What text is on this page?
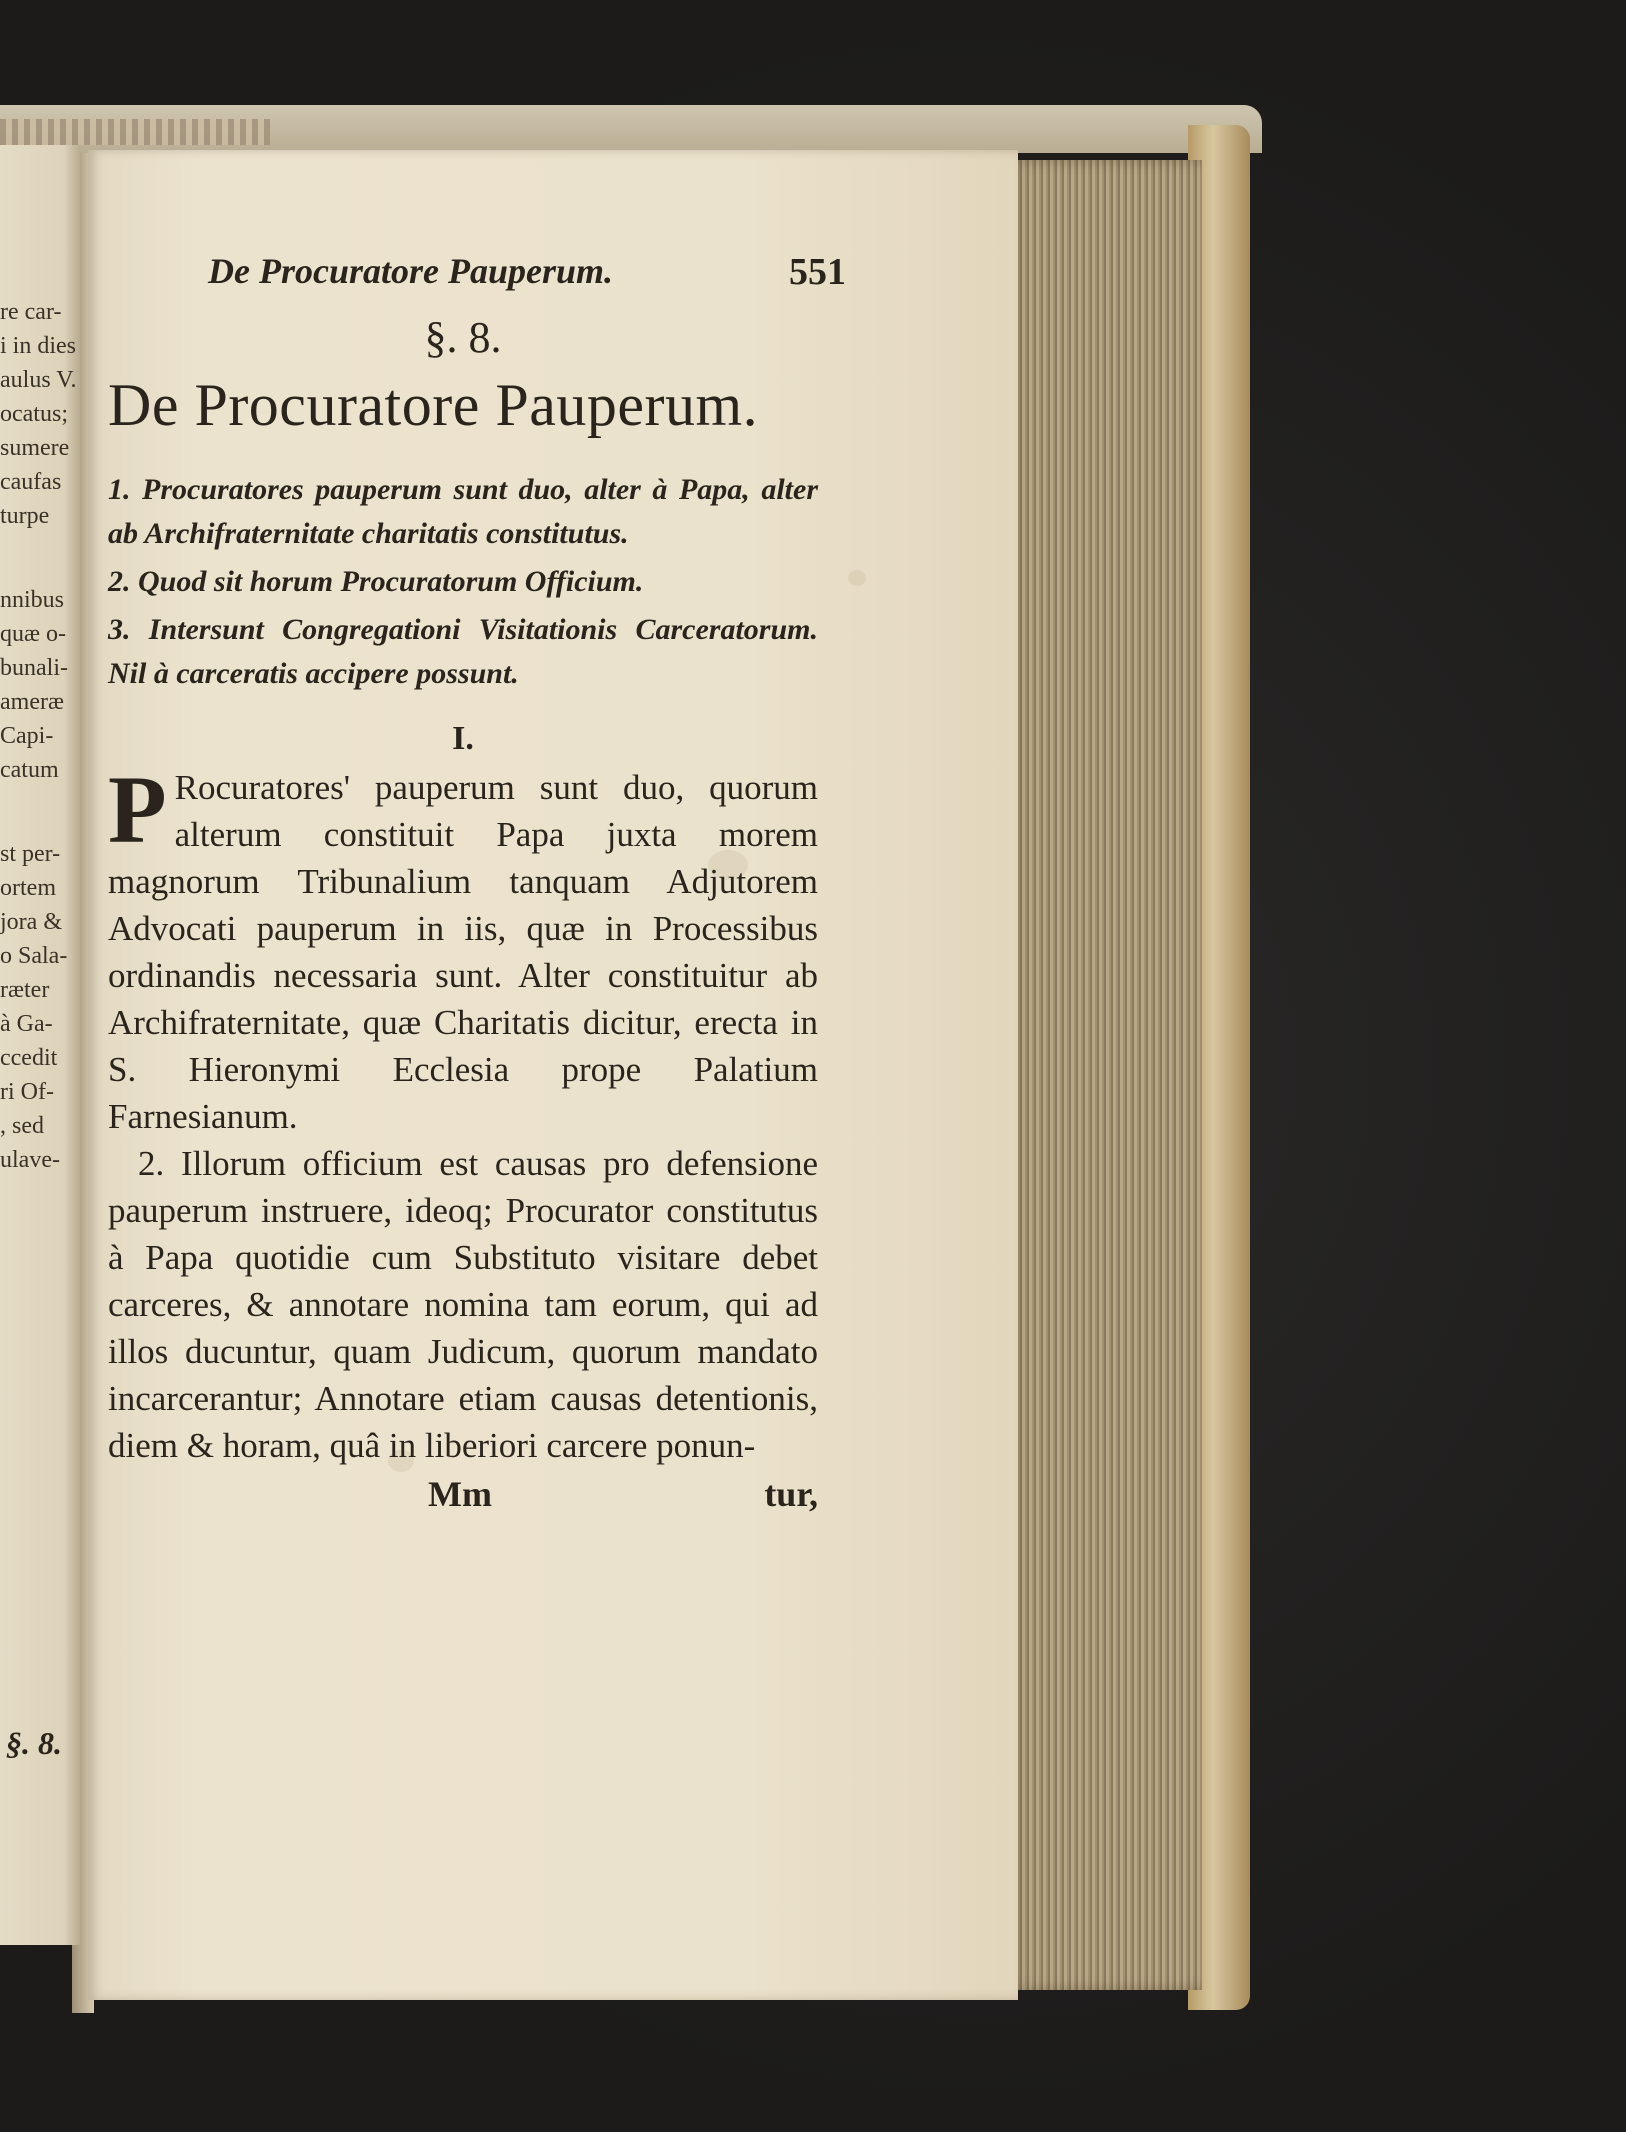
re car-
i in dies
aulus V.
ocatus;
sumere
caufas
turpe
nnibus
quæ o-
bunali-
ameræ
Capi-
catum
st per-
ortem
jora &
o Sala-
ræter
à Ga-
ccedit
ri Of-
, sed
ulave-
§. 8.
De Procuratore Pauperum.	551
§. 8.
De Procuratore Pauperum.

1. Procuratores pauperum sunt duo, alter à Papa, alter ab Archifraternitate charitatis constitutus.

2. Quod sit horum Procuratorum Officium.

3. Intersunt Congregationi Visitationis Carceratorum. Nil à carceratis accipere possunt.

I.

P Rocuratores' pauperum sunt duo, quorum alterum constituit Papa juxta morem magnorum Tribunalium tanquam Adjutorem Advocati pauperum in iis, quæ in Processibus ordinandis necessaria sunt. Alter constituitur ab Archifraternitate, quæ Charitatis dicitur, erecta in S. Hieronymi Ecclesia prope Palatium Farnesianum.

2. Illorum officium est causas pro defensione pauperum instruere, ideoq; Procurator constitutus à Papa quotidie cum Substituto visitare debet carceres, & annotare nomina tam eorum, qui ad illos ducuntur, quam Judicum, quorum mandato incarcerantur; Annotare etiam causas detentionis, diem & horam, quâ in liberiori carcere ponun-

Mm	tur,
